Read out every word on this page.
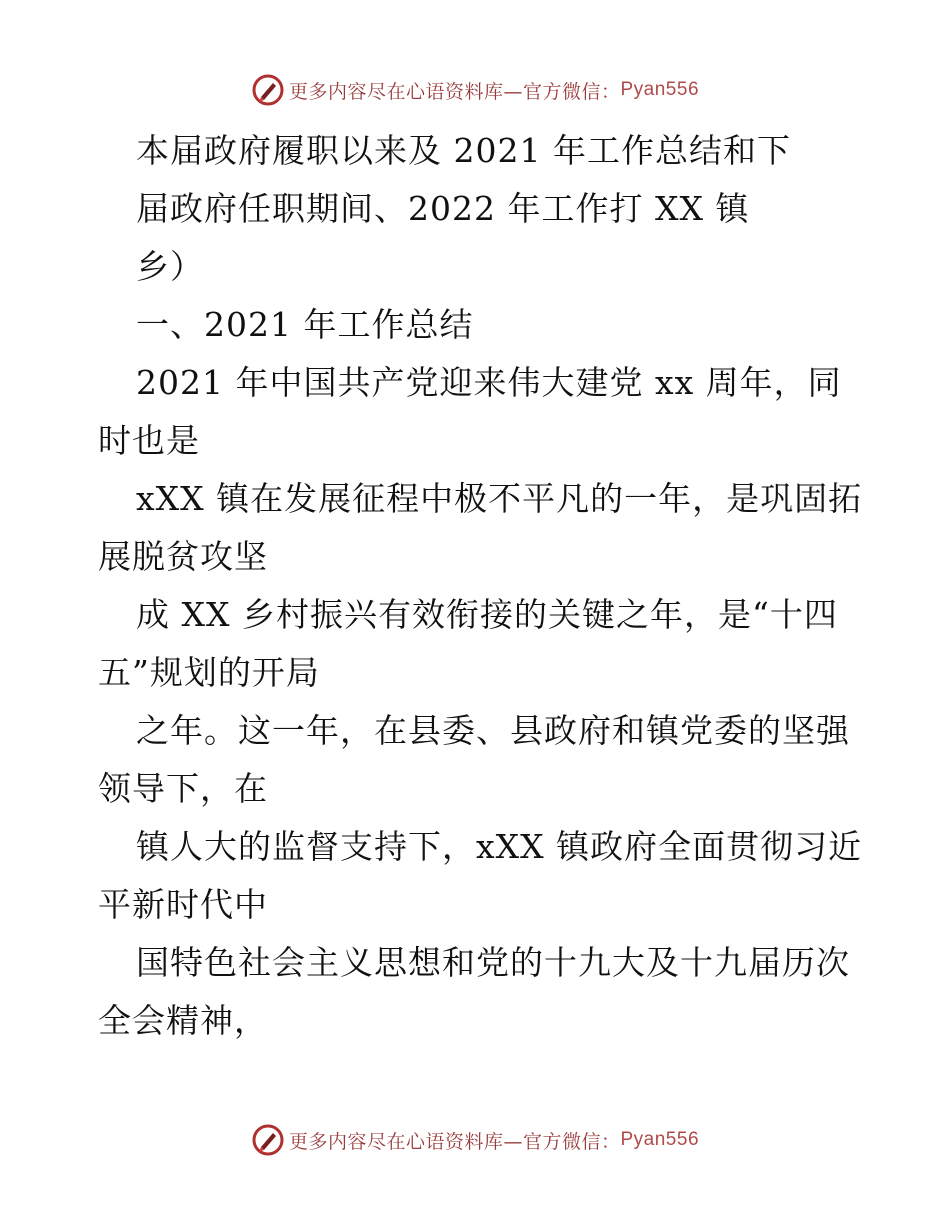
更多内容尽在心语资料库—官方微信： Pyan556
本届政府履职以来及 2021 年工作总结和下
届政府任职期间、2022 年工作打 XX 镇
乡）
一、2021 年工作总结
2021 年中国共产党迎来伟大建党 xx 周年，同
时也是
xXX 镇在发展征程中极不平凡的一年，是巩固拓
展脱贫攻坚
成 XX 乡村振兴有效衔接的关键之年，是“十四
五”规划的开局
之年。这一年，在县委、县政府和镇党委的坚强
领导下，在
镇人大的监督支持下，xXX 镇政府全面贯彻习近
平新时代中
国特色社会主义思想和党的十九大及十九届历次
全会精神，
更多内容尽在心语资料库—官方微信： Pyan556
